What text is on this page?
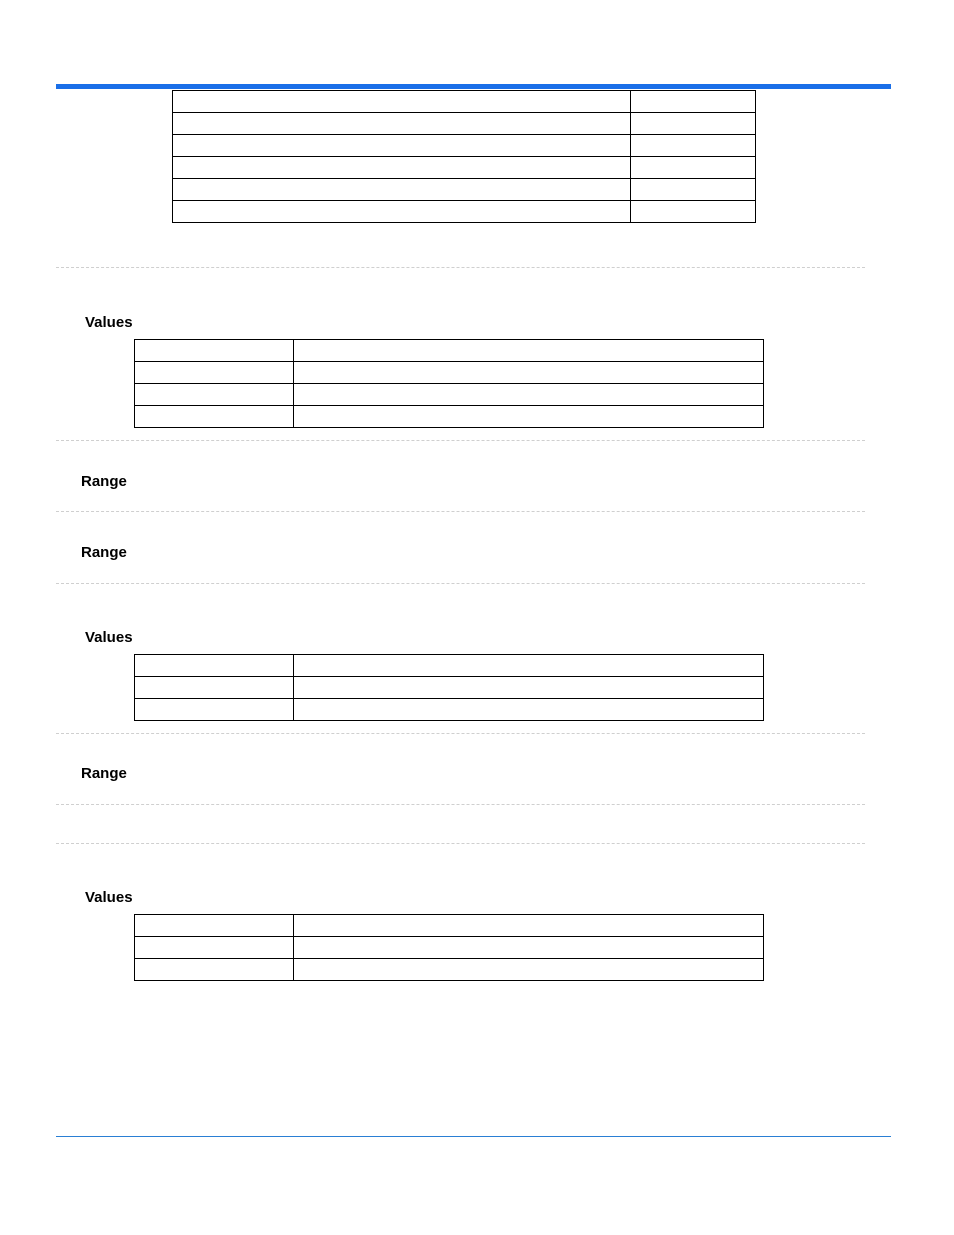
Values

Range
Range
Values

Range
Values
